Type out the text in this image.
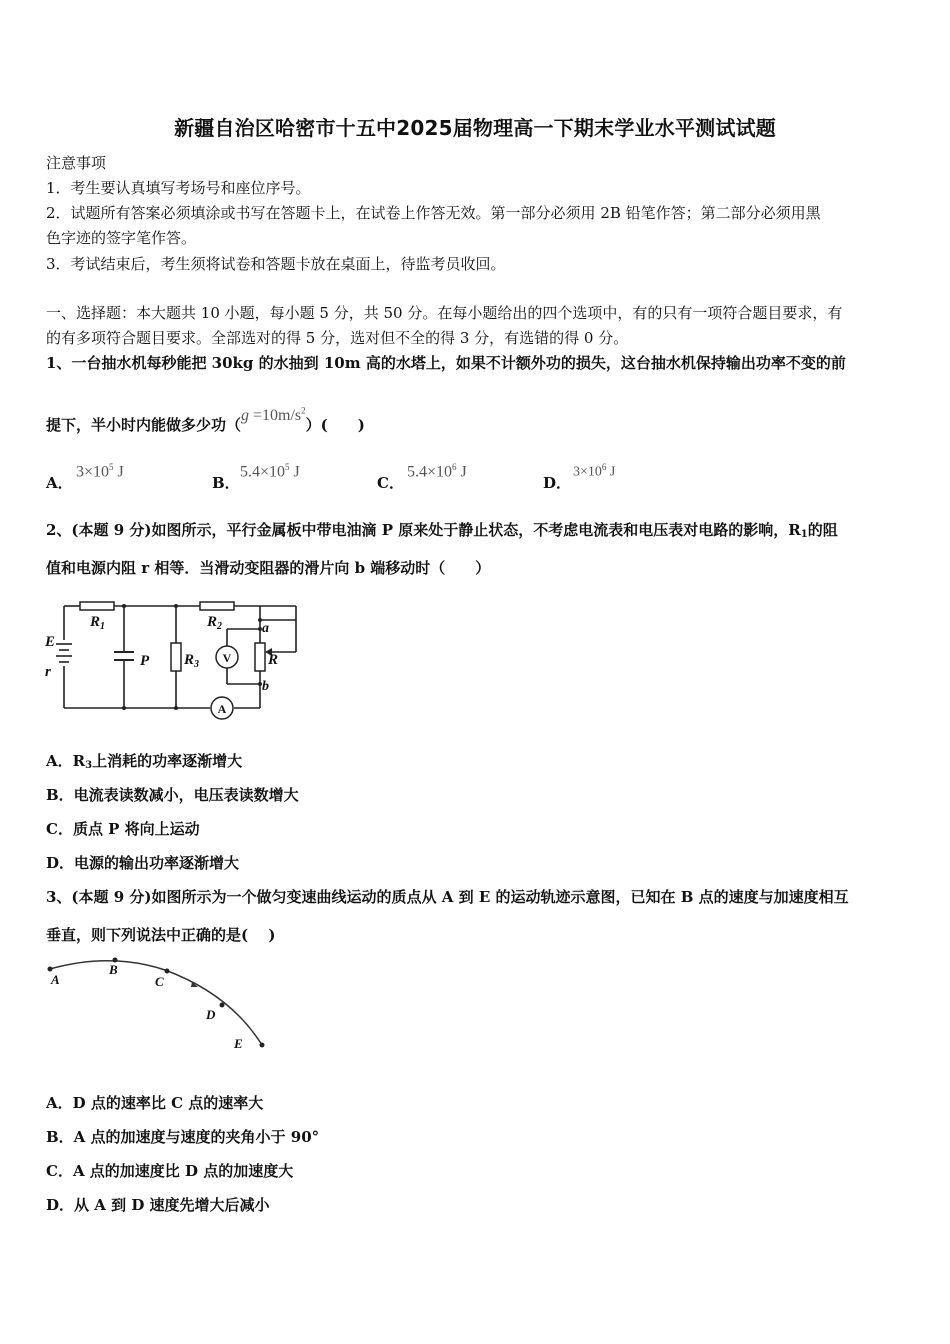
新疆自治区哈密市十五中2025届物理高一下期末学业水平测试试题
注意事项
1．考生要认真填写考场号和座位序号。
2．试题所有答案必须填涂或书写在答题卡上，在试卷上作答无效。第一部分必须用 2B 铅笔作答；第二部分必须用黑
色字迹的签字笔作答。
3．考试结束后，考生须将试卷和答题卡放在桌面上，待监考员收回。
一、选择题：本大题共 10 小题，每小题 5 分，共 50 分。在每小题给出的四个选项中，有的只有一项符合题目要求，有
的有多项符合题目要求。全部选对的得 5 分，选对但不全的得 3 分，有选错的得 0 分。
1、一台抽水机每秒能把 30kg 的水抽到 10m 高的水塔上，如果不计额外功的损失，这台抽水机保持输出功率不变的前
提下，半小时内能做多少功$(g =10m/s^2)$(　　)
A．
$3\times 10^5$ J
B．
$5.4\times 10^5$ J
C．
$5.4\times 10^6$ J
D．
$3\times 10^6$ J
2、(本题 9 分)如图所示，平行金属板中带电油滴 P 原来处于静止状态，不考虑电流表和电压表对电路的影响，$R_1$的阻
值和电源内阻 r 相等．当滑动变阻器的滑片向 b 端移动时（　　）
$R_1$	$R_2$
$R_3$
E
r
P	R
a
b
V
A
A．$R_3$上消耗的功率逐渐增大
B．电流表读数减小，电压表读数增大
C．质点 P 将向上运动
D．电源的输出功率逐渐增大
3、(本题 9 分)如图所示为一个做匀变速曲线运动的质点从 A 到 E 的运动轨迹示意图，已知在 B 点的速度与加速度相互
垂直，则下列说法中正确的是(　 )
A
B
C
D
E
A．D 点的速率比 C 点的速率大
B．A 点的加速度与速度的夹角小于 90°
C．A 点的加速度比 D 点的加速度大
D．从 A 到 D 速度先增大后减小
